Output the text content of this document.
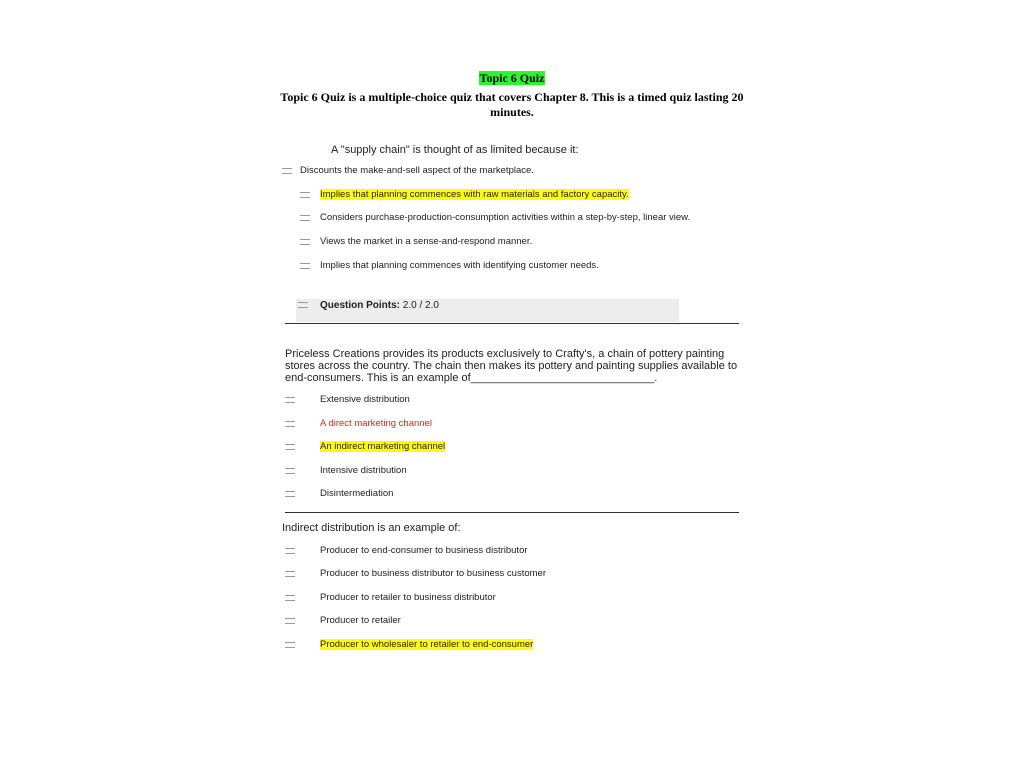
Topic 6 Quiz
Topic 6 Quiz is a multiple-choice quiz that covers Chapter 8. This is a timed quiz lasting 20 minutes.
A "supply chain" is thought of as limited because it:
Discounts the make-and-sell aspect of the marketplace.
Implies that planning commences with raw materials and factory capacity.
Considers purchase-production-consumption activities within a step-by-step, linear view.
Views the market in a sense-and-respond manner.
Implies that planning commences with identifying customer needs.
Question Points: 2.0 / 2.0
Priceless Creations provides its products exclusively to Crafty's, a chain of pottery painting
stores across the country. The chain then makes its pottery and painting supplies available to
end-consumers. This is an example of______________________________.
Extensive distribution
A direct marketing channel
An indirect marketing channel
Intensive distribution
Disintermediation
Indirect distribution is an example of:
Producer to end-consumer to business distributor
Producer to business distributor to business customer
Producer to retailer to business distributor
Producer to retailer
Producer to wholesaler to retailer to end-consumer
